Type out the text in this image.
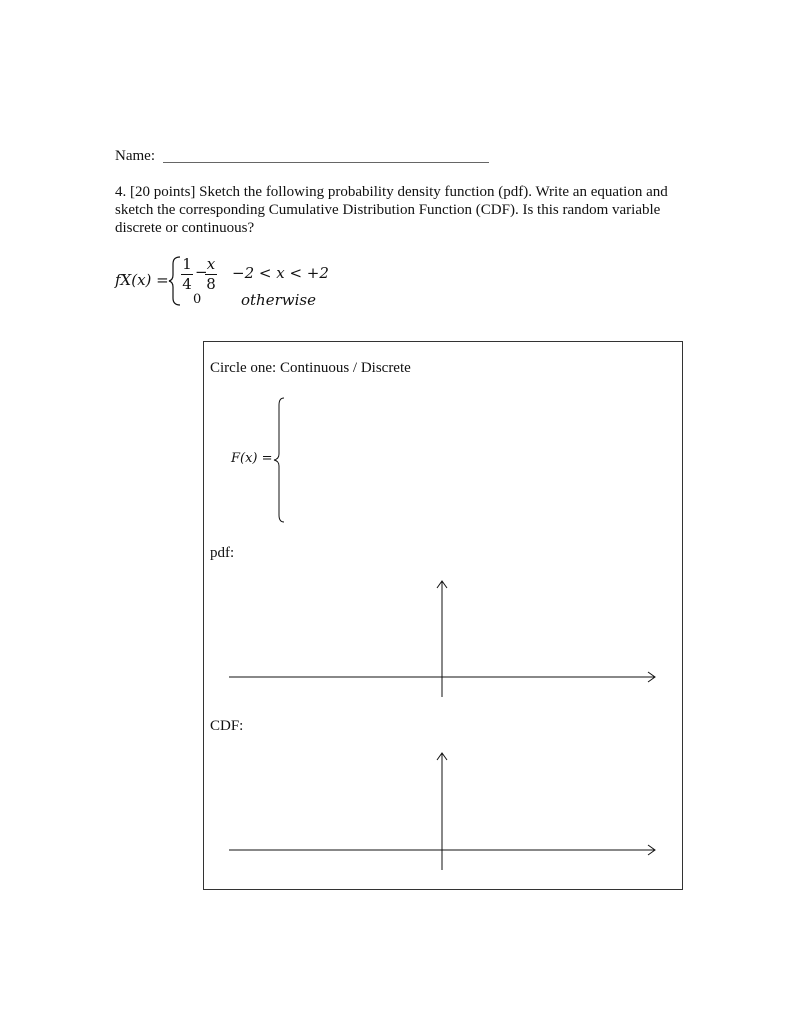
Name:
4. [20 points] Sketch the following probability density function (pdf). Write an equation and sketch the corresponding Cumulative Distribution Function (CDF). Is this random variable discrete or continuous?
fX(x) =
1
4
− x
8
−2 < x < +2
0	otherwise
Circle one: Continuous / Discrete
F(x) =
pdf:
CDF:
